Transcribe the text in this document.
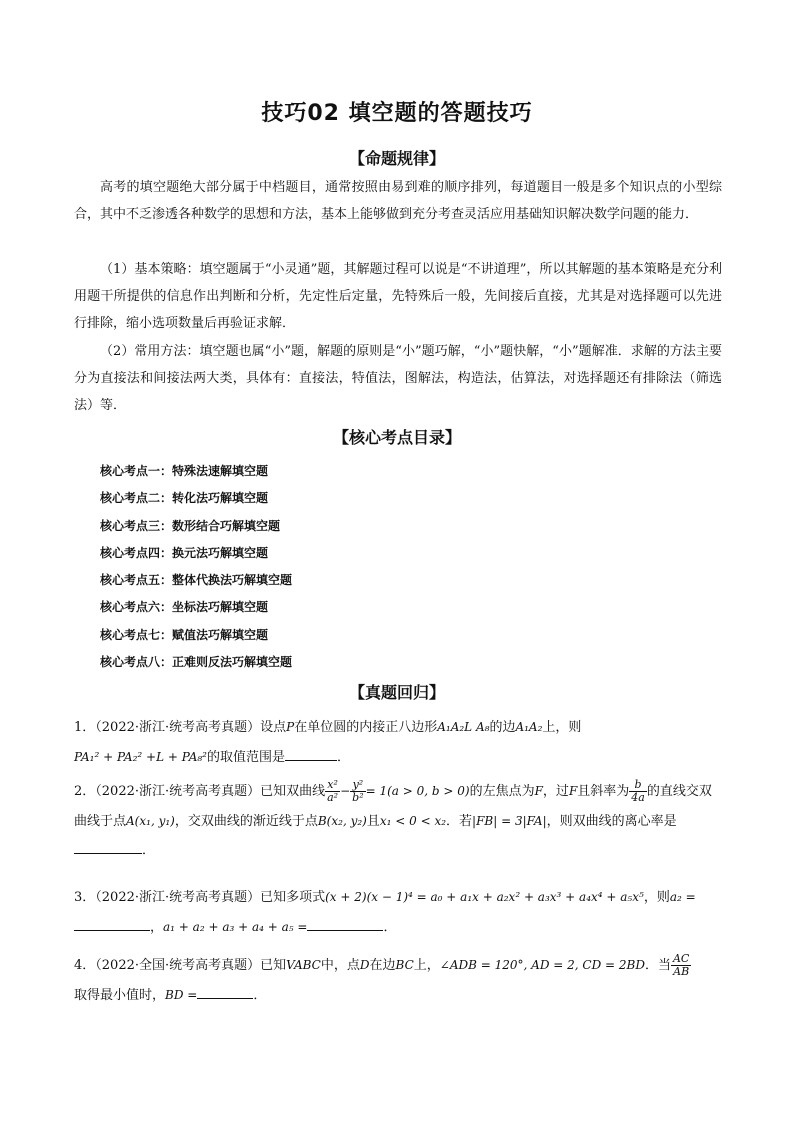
技巧02 填空题的答题技巧
【命题规律】
高考的填空题绝大部分属于中档题目，通常按照由易到难的顺序排列，每道题目一般是多个知识点的小型综合，其中不乏渗透各种数学的思想和方法，基本上能够做到充分考查灵活应用基础知识解决数学问题的能力．
（1）基本策略：填空题属于“小灵通”题，其解题过程可以说是“不讲道理”，所以其解题的基本策略是充分利用题干所提供的信息作出判断和分析，先定性后定量，先特殊后一般，先间接后直接，尤其是对选择题可以先进行排除，缩小选项数量后再验证求解．
（2）常用方法：填空题也属“小”题，解题的原则是“小”题巧解，“小”题快解，“小”题解准．求解的方法主要分为直接法和间接法两大类，具体有：直接法，特值法，图解法，构造法，估算法，对选择题还有排除法（筛选法）等．
【核心考点目录】
核心考点一：特殊法速解填空题
核心考点二：转化法巧解填空题
核心考点三：数形结合巧解填空题
核心考点四：换元法巧解填空题
核心考点五：整体代换法巧解填空题
核心考点六：坐标法巧解填空题
核心考点七：赋值法巧解填空题
核心考点八：正难则反法巧解填空题
【真题回归】
1．（2022·浙江·统考高考真题）设点P在单位圆的内接正八边形A₁A₂L A₈的边A₁A₂上，则
PA₁² + PA₂² +L + PA₈²的取值范围是	．
2．（2022·浙江·统考高考真题）已知双曲线 $\frac{\text{x²}}{\text{a²}} - \frac{\text{y²}}{\text{b²}} = 1(a > 0$, b > 0)的左焦点为F，过F且斜率为 $\frac{b}{4a}$ 的直线交双
曲线于点A(x₁, y₁)，交双曲线的渐近线于点B(x₂, y₂)且x₁ < 0 < x₂．若|FB| = 3|FA|，则双曲线的离心率是
．
3．（2022·浙江·统考高考真题）已知多项式(x + 2)(x − 1)⁴ = a₀ + a₁x + a₂x² + a₃x³ + a₄x⁴ + a₅x⁵，则a₂ =
，a₁ + a₂ + a₃ + a₄ + a₅ =	．
4．（2022·全国·统考高考真题）已知VABC中，点D在边BC上，∠ADB = 120°, AD = 2, CD = 2BD．当 $\frac{AC}{AB}$
取得最小值时，BD =	．
